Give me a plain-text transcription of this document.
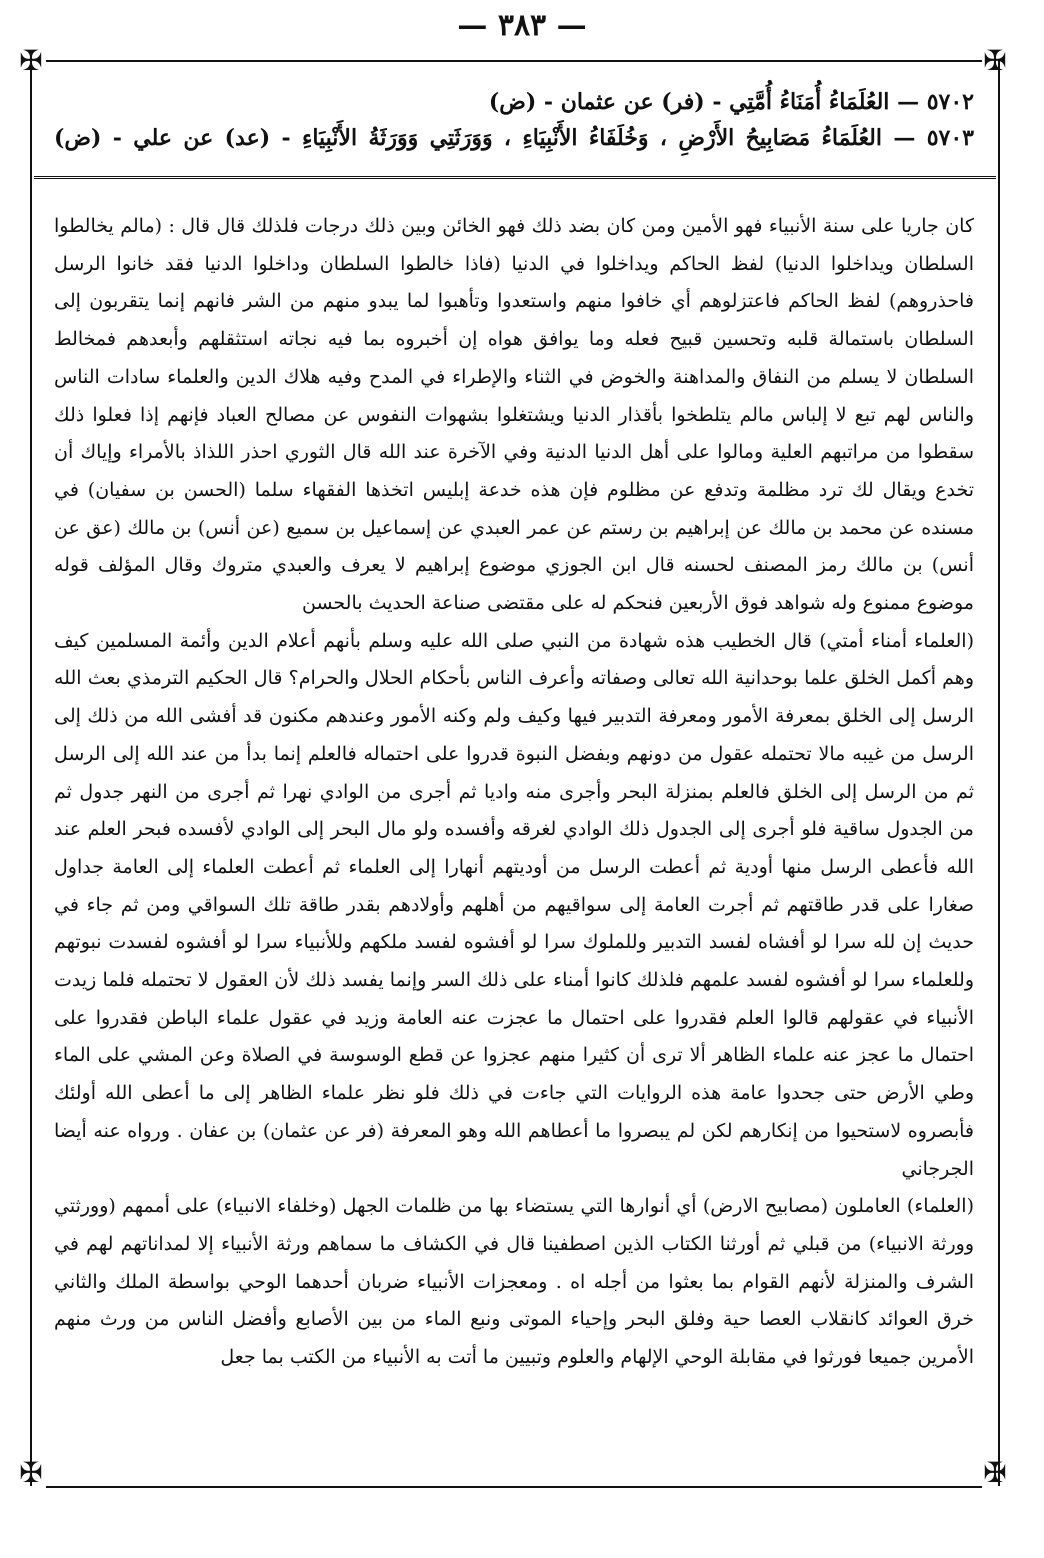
— ٣٨٣ —
✠	✠
✠	✠
٥٧٠٢ — العُلَمَاءُ أُمَنَاءُ أُمَّتِي - (فر) عن عثمان - (ض)
٥٧٠٣ — العُلَمَاءُ مَصَابِيحُ الأَرْضِ ، وَخُلَفَاءُ الأَنْبِيَاءِ ، وَوَرَثَتِي وَوَرَثَةُ الأَنْبِيَاءِ - (عد) عن علي - (ض)

كان جاريا على سنة الأنبياء فهو الأمين ومن كان بضد ذلك فهو الخائن وبين ذلك درجات فلذلك قال قال : (مالم يخالطوا السلطان ويداخلوا الدنيا) لفظ الحاكم ويداخلوا في الدنيا (فاذا خالطوا السلطان وداخلوا الدنيا فقد خانوا الرسل فاحذروهم) لفظ الحاكم فاعتزلوهم أي خافوا منهم واستعدوا وتأهبوا لما يبدو منهم من الشر فانهم إنما يتقربون إلى السلطان باستمالة قلبه وتحسين قبيح فعله وما يوافق هواه إن أخبروه بما فيه نجاته استثقلهم وأبعدهم فمخالط السلطان لا يسلم من النفاق والمداهنة والخوض في الثناء والإطراء في المدح وفيه هلاك الدين والعلماء سادات الناس والناس لهم تبع لا إلباس مالم يتلطخوا بأقذار الدنيا ويشتغلوا بشهوات النفوس عن مصالح العباد فإنهم إذا فعلوا ذلك سقطوا من مراتبهم العلية ومالوا على أهل الدنيا الدنية وفي الآخرة عند الله قال الثوري احذر اللذاذ بالأمراء وإياك أن تخدع ويقال لك ترد مظلمة وتدفع عن مظلوم فإن هذه خدعة إبليس اتخذها الفقهاء سلما (الحسن بن سفيان) في مسنده عن محمد بن مالك عن إبراهيم بن رستم عن عمر العبدي عن إسماعيل بن سميع (عن أنس) بن مالك (عق عن أنس) بن مالك رمز المصنف لحسنه قال ابن الجوزي موضوع إبراهيم لا يعرف والعبدي متروك وقال المؤلف قوله موضوع ممنوع وله شواهد فوق الأربعين فنحكم له على مقتضى صناعة الحديث بالحسن

(العلماء أمناء أمتي) قال الخطيب هذه شهادة من النبي صلى الله عليه وسلم بأنهم أعلام الدين وأئمة المسلمين كيف وهم أكمل الخلق علما بوحدانية الله تعالى وصفاته وأعرف الناس بأحكام الحلال والحرام؟ قال الحكيم الترمذي بعث الله الرسل إلى الخلق بمعرفة الأمور ومعرفة التدبير فيها وكيف ولم وكنه الأمور وعندهم مكنون قد أفشى الله من ذلك إلى الرسل من غيبه مالا تحتمله عقول من دونهم وبفضل النبوة قدروا على احتماله فالعلم إنما بدأ من عند الله إلى الرسل ثم من الرسل إلى الخلق فالعلم بمنزلة البحر وأجرى منه واديا ثم أجرى من الوادي نهرا ثم أجرى من النهر جدول ثم من الجدول ساقية فلو أجرى إلى الجدول ذلك الوادي لغرقه وأفسده ولو مال البحر إلى الوادي لأفسده فبحر العلم عند الله فأعطى الرسل منها أودية ثم أعطت الرسل من أوديتهم أنهارا إلى العلماء ثم أعطت العلماء إلى العامة جداول صغارا على قدر طاقتهم ثم أجرت العامة إلى سواقيهم من أهلهم وأولادهم بقدر طاقة تلك السواقي ومن ثم جاء في حديث إن لله سرا لو أفشاه لفسد التدبير وللملوك سرا لو أفشوه لفسد ملكهم وللأنبياء سرا لو أفشوه لفسدت نبوتهم وللعلماء سرا لو أفشوه لفسد علمهم فلذلك كانوا أمناء على ذلك السر وإنما يفسد ذلك لأن العقول لا تحتمله فلما زيدت الأنبياء في عقولهم قالوا العلم فقدروا على احتمال ما عجزت عنه العامة وزيد في عقول علماء الباطن فقدروا على احتمال ما عجز عنه علماء الظاهر ألا ترى أن كثيرا منهم عجزوا عن قطع الوسوسة في الصلاة وعن المشي على الماء وطي الأرض حتى جحدوا عامة هذه الروايات التي جاءت في ذلك فلو نظر علماء الظاهر إلى ما أعطى الله أولئك فأبصروه لاستحيوا من إنكارهم لكن لم يبصروا ما أعطاهم الله وهو المعرفة (فر عن عثمان) بن عفان . ورواه عنه أيضا الجرجاني

(العلماء) العاملون (مصابيح الارض) أي أنوارها التي يستضاء بها من ظلمات الجهل (وخلفاء الانبياء) على أممهم (وورثتي وورثة الانبياء) من قبلي ثم أورثنا الكتاب الذين اصطفينا قال في الكشاف ما سماهم ورثة الأنبياء إلا لمداناتهم لهم في الشرف والمنزلة لأنهم القوام بما بعثوا من أجله اه . ومعجزات الأنبياء ضربان أحدهما الوحي بواسطة الملك والثاني خرق العوائد كانقلاب العصا حية وفلق البحر وإحياء الموتى ونبع الماء من بين الأصابع وأفضل الناس من ورث منهم الأمرين جميعا فورثوا في مقابلة الوحي الإلهام والعلوم وتبيين ما أتت به الأنبياء من الكتب بما جعل
